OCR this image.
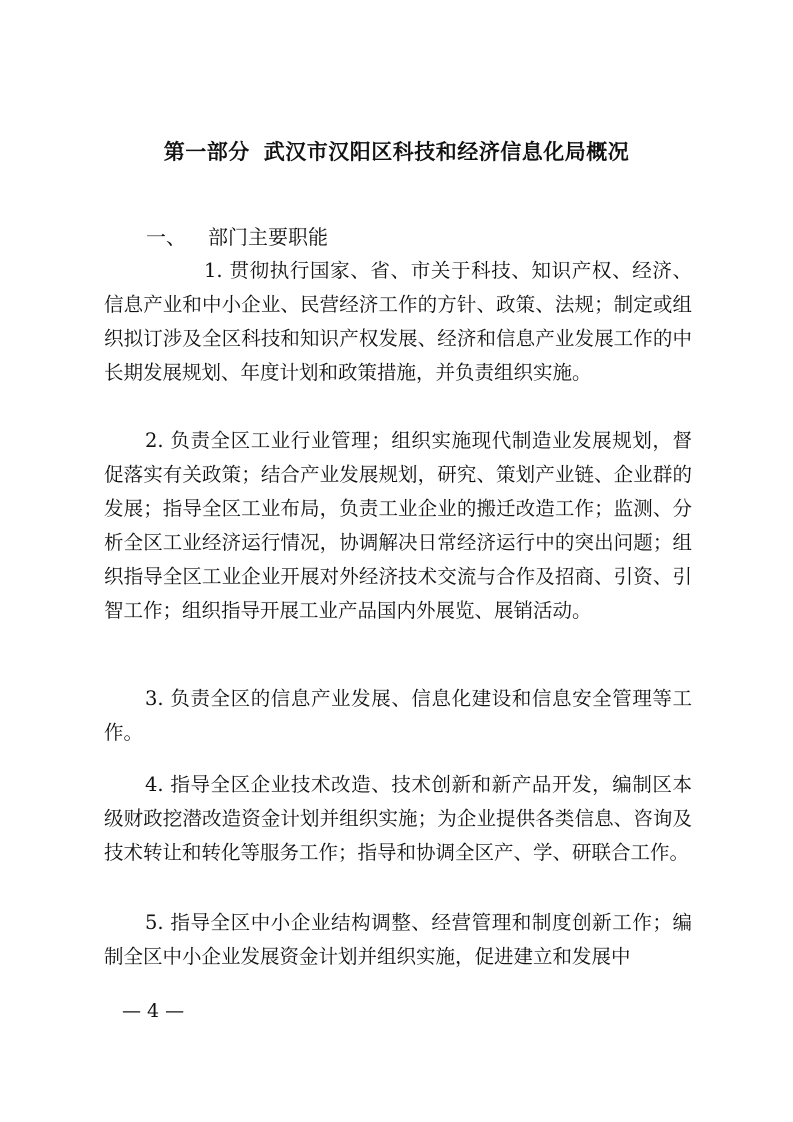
第一部分 武汉市汉阳区科技和经济信息化局概况
一、 部门主要职能

1. 贯彻执行国家、省、市关于科技、知识产权、经济、信息产业和中小企业、民营经济工作的方针、政策、法规；制定或组织拟订涉及全区科技和知识产权发展、经济和信息产业发展工作的中长期发展规划、年度计划和政策措施，并负责组织实施。

2. 负责全区工业行业管理；组织实施现代制造业发展规划，督促落实有关政策；结合产业发展规划，研究、策划产业链、企业群的发展；指导全区工业布局，负责工业企业的搬迁改造工作；监测、分析全区工业经济运行情况，协调解决日常经济运行中的突出问题；组织指导全区工业企业开展对外经济技术交流与合作及招商、引资、引智工作；组织指导开展工业产品国内外展览、展销活动。

3. 负责全区的信息产业发展、信息化建设和信息安全管理等工作。

4. 指导全区企业技术改造、技术创新和新产品开发，编制区本级财政挖潜改造资金计划并组织实施；为企业提供各类信息、咨询及技术转让和转化等服务工作；指导和协调全区产、学、研联合工作。

5. 指导全区中小企业结构调整、经营管理和制度创新工作；编制全区中小企业发展资金计划并组织实施，促进建立和发展中

— 4 —
